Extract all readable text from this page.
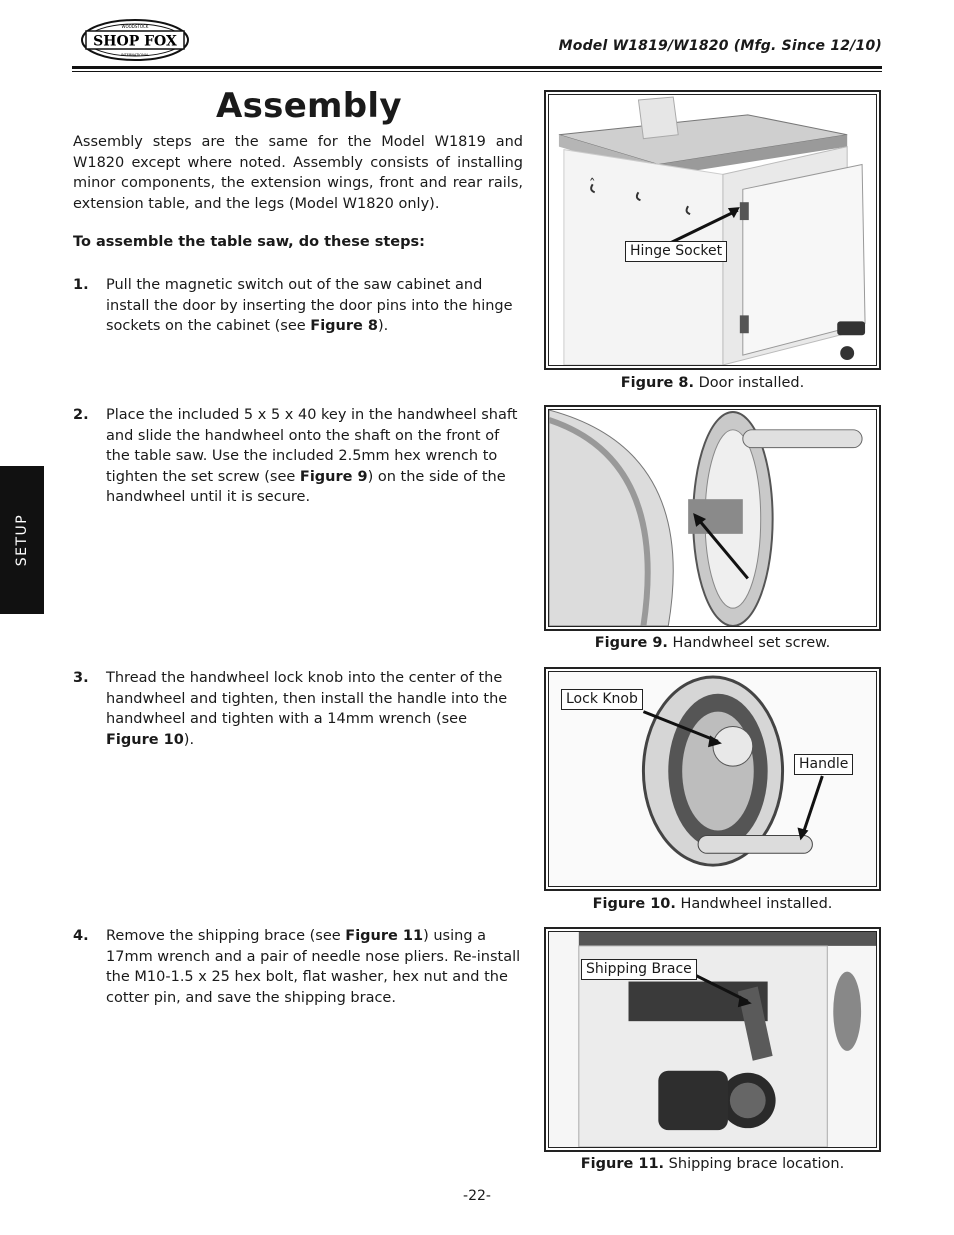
SHOP FOX
WOODSTOCK
INTERNATIONAL
Model W1819/W1820 (Mfg. Since 12/10)
SETUP
Assembly

Assembly steps are the same for the Model W1819 and W1820 except where noted. Assembly consists of installing minor components, the extension wings, front and rear rails, extension table, and the legs (Model W1820 only).

To assemble the table saw, do these steps:

1. Pull the magnetic switch out of the saw cabinet and install the door by inserting the door pins into the hinge sockets on the cabinet (see Figure 8).
2. Place the included 5 x 5 x 40 key in the handwheel shaft and slide the handwheel onto the shaft on the front of the table saw. Use the included 2.5mm hex wrench to tighten the set screw (see Figure 9) on the side of the handwheel until it is secure.
3. Thread the handwheel lock knob into the center of the handwheel and tighten, then install the handle into the handwheel and tighten with a 14mm wrench (see Figure 10).
4. Remove the shipping brace (see Figure 11) using a 17mm wrench and a pair of needle nose pliers. Re-install the M10-1.5 x 25 hex bolt, flat washer, hex nut and the cotter pin, and save the shipping brace.
ˆ
Hinge Socket
Figure 8. Door installed.
Figure 9. Handwheel set screw.
Lock Knob
Handle
Figure 10. Handwheel installed.
Shipping Brace
Figure 11. Shipping brace location.
-22-
